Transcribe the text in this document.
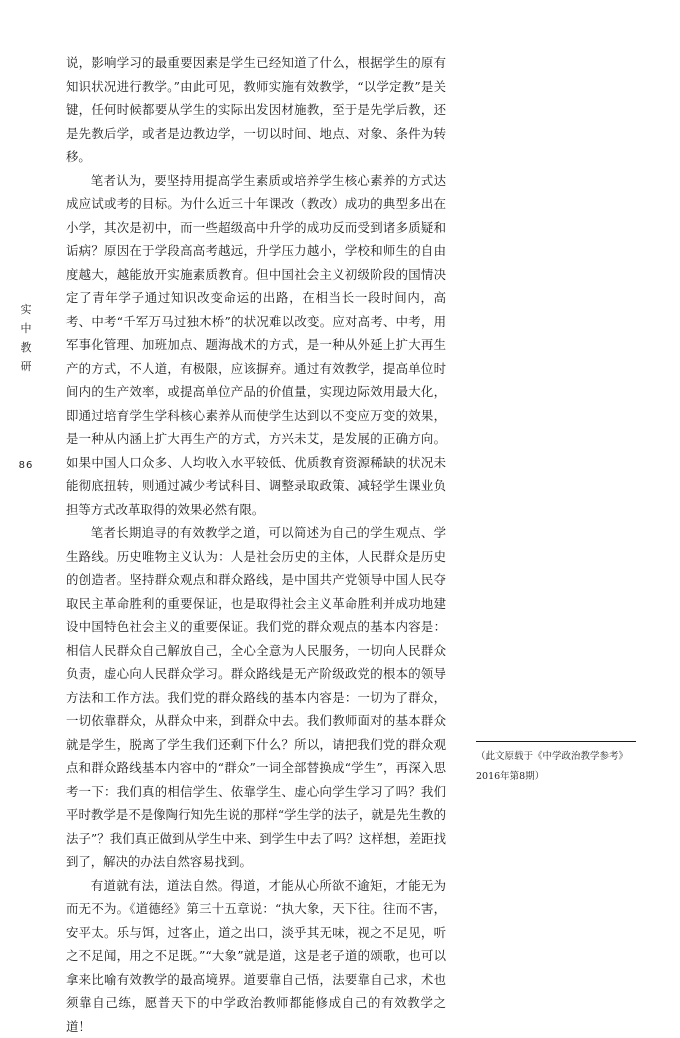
实
中
教
研
86

说，影响学习的最重要因素是学生已经知道了什么，根据学生的原有知识状况进行教学。”由此可见，教师实施有效教学，“以学定教”是关键，任何时候都要从学生的实际出发因材施教，至于是先学后教，还是先教后学，或者是边教边学，一切以时间、地点、对象、条件为转移。

笔者认为，要坚持用提高学生素质或培养学生核心素养的方式达成应试或考的目标。为什么近三十年课改（教改）成功的典型多出在小学，其次是初中，而一些超级高中升学的成功反而受到诸多质疑和诟病？原因在于学段高高考越远，升学压力越小，学校和师生的自由度越大，越能放开实施素质教育。但中国社会主义初级阶段的国情决定了青年学子通过知识改变命运的出路，在相当长一段时间内，高考、中考“千军万马过独木桥”的状况难以改变。应对高考、中考，用军事化管理、加班加点、题海战术的方式，是一种从外延上扩大再生产的方式，不人道，有极限，应该摒弃。通过有效教学，提高单位时间内的生产效率，或提高单位产品的价值量，实现边际效用最大化，即通过培育学生学科核心素养从而使学生达到以不变应万变的效果，是一种从内涵上扩大再生产的方式，方兴未艾，是发展的正确方向。如果中国人口众多、人均收入水平较低、优质教育资源稀缺的状况未能彻底扭转，则通过减少考试科目、调整录取政策、减轻学生课业负担等方式改革取得的效果必然有限。

笔者长期追寻的有效教学之道，可以简述为自己的学生观点、学生路线。历史唯物主义认为：人是社会历史的主体，人民群众是历史的创造者。坚持群众观点和群众路线，是中国共产党领导中国人民夺取民主革命胜利的重要保证，也是取得社会主义革命胜利并成功地建设中国特色社会主义的重要保证。我们党的群众观点的基本内容是：相信人民群众自己解放自己，全心全意为人民服务，一切向人民群众负责，虚心向人民群众学习。群众路线是无产阶级政党的根本的领导方法和工作方法。我们党的群众路线的基本内容是：一切为了群众，一切依靠群众，从群众中来，到群众中去。我们教师面对的基本群众就是学生，脱离了学生我们还剩下什么？所以，请把我们党的群众观点和群众路线基本内容中的“群众”一词全部替换成“学生”，再深入思考一下：我们真的相信学生、依靠学生、虚心向学生学习了吗？我们平时教学是不是像陶行知先生说的那样“学生学的法子，就是先生教的法子”？我们真正做到从学生中来、到学生中去了吗？这样想，差距找到了，解决的办法自然容易找到。

有道就有法，道法自然。得道，才能从心所欲不逾矩，才能无为而无不为。《道德经》第三十五章说：“执大象，天下往。往而不害，安平太。乐与饵，过客止，道之出口，淡乎其无味，视之不足见，听之不足闻，用之不足既。”“大象”就是道，这是老子道的颂歌，也可以拿来比喻有效教学的最高境界。道要靠自己悟，法要靠自己求，术也须靠自己练，愿普天下的中学政治教师都能修成自己的有效教学之道！

（此文原载于《中学政治教学参考》2016年第8期）
